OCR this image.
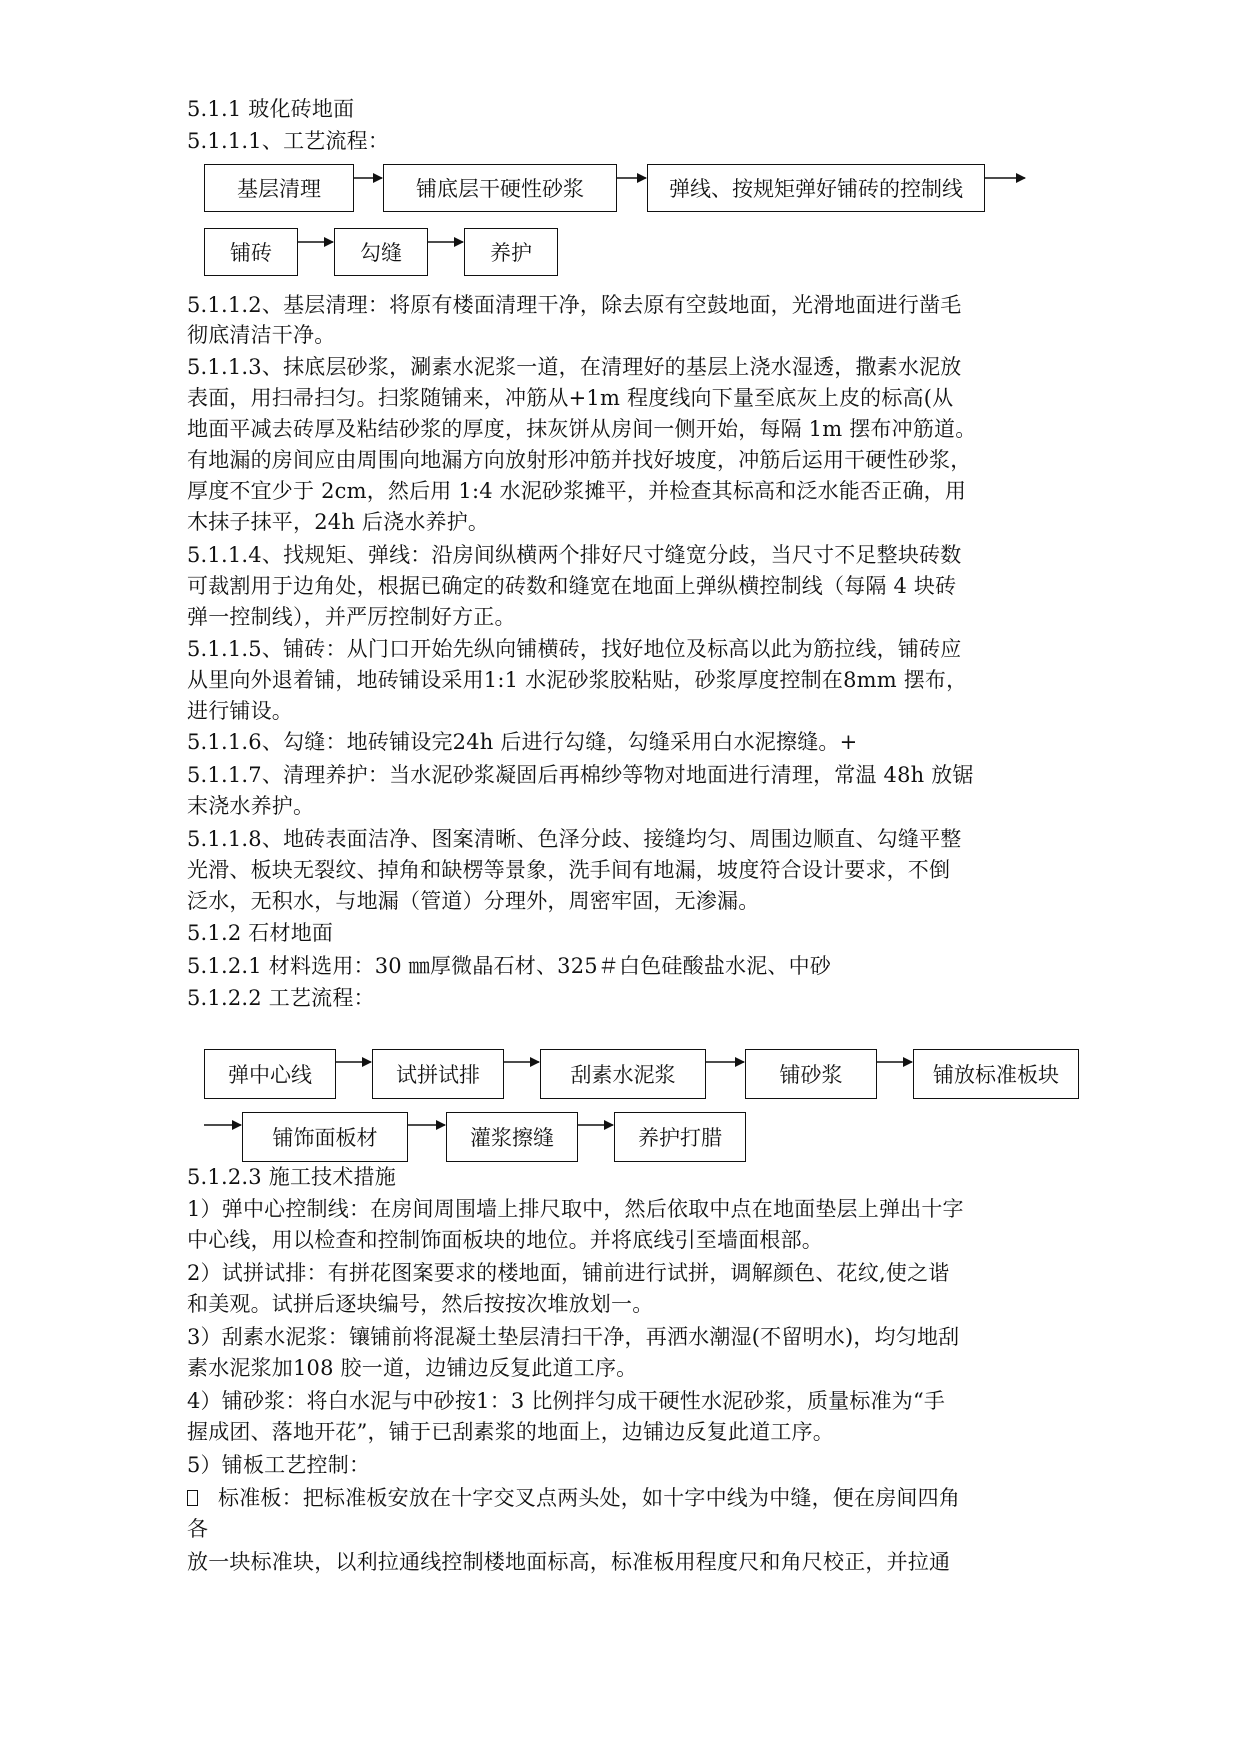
5.1.1 玻化砖地面
5.1.1.1、工艺流程：
基层清理	铺底层干硬性砂浆	弹线、按规矩弹好铺砖的控制线
铺砖	勾缝	养护
5.1.1.2、基层清理：将原有楼面清理干净，除去原有空鼓地面，光滑地面进行凿毛
彻底清洁干净。
5.1.1.3、抹底层砂浆，涮素水泥浆一道，在清理好的基层上浇水湿透，撒素水泥放
表面，用扫帚扫匀。扫浆随铺来，冲筋从+1m 程度线向下量至底灰上皮的标高(从
地面平减去砖厚及粘结砂浆的厚度，抹灰饼从房间一侧开始，每隔 1m 摆布冲筋道。
有地漏的房间应由周围向地漏方向放射形冲筋并找好坡度，冲筋后运用干硬性砂浆，
厚度不宜少于 2cm，然后用 1:4 水泥砂浆摊平，并检查其标高和泛水能否正确，用
木抹子抹平，24h 后浇水养护。
5.1.1.4、找规矩、弹线：沿房间纵横两个排好尺寸缝宽分歧，当尺寸不足整块砖数
可裁割用于边角处，根据已确定的砖数和缝宽在地面上弹纵横控制线（每隔 4 块砖
弹一控制线），并严厉控制好方正。
5.1.1.5、铺砖：从门口开始先纵向铺横砖，找好地位及标高以此为筋拉线，铺砖应
从里向外退着铺，地砖铺设采用1:1 水泥砂浆胶粘贴，砂浆厚度控制在8mm 摆布，
进行铺设。
5.1.1.6、勾缝：地砖铺设完24h 后进行勾缝，勾缝采用白水泥擦缝。+
5.1.1.7、清理养护：当水泥砂浆凝固后再棉纱等物对地面进行清理，常温 48h 放锯
末浇水养护。
5.1.1.8、地砖表面洁净、图案清晰、色泽分歧、接缝均匀、周围边顺直、勾缝平整
光滑、板块无裂纹、掉角和缺楞等景象，洗手间有地漏，坡度符合设计要求，不倒
泛水，无积水，与地漏（管道）分理外，周密牢固，无渗漏。
5.1.2 石材地面
5.1.2.1 材料选用：30 ㎜厚微晶石材、325＃白色硅酸盐水泥、中砂
5.1.2.2 工艺流程：
弹中心线	试拼试排	刮素水泥浆	铺砂浆	铺放标准板块
铺饰面板材	灌浆擦缝	养护打腊
5.1.2.3 施工技术措施
1）弹中心控制线：在房间周围墙上排尺取中，然后依取中点在地面垫层上弹出十字
中心线，用以检查和控制饰面板块的地位。并将底线引至墙面根部。
2）试拼试排：有拼花图案要求的楼地面，铺前进行试拼，调解颜色、花纹,使之谐
和美观。试拼后逐块编号，然后按按次堆放划一。
3）刮素水泥浆：镶铺前将混凝土垫层清扫干净，再洒水潮湿(不留明水)，均匀地刮
素水泥浆加108 胶一道，边铺边反复此道工序。
4）铺砂浆：将白水泥与中砂按1：3 比例拌匀成干硬性水泥砂浆，质量标准为“手
握成团、落地开花”，铺于已刮素浆的地面上，边铺边反复此道工序。
5）铺板工艺控制：
标准板：把标准板安放在十字交叉点两头处，如十字中线为中缝，便在房间四角
各
放一块标准块，以利拉通线控制楼地面标高，标准板用程度尺和角尺校正，并拉通
